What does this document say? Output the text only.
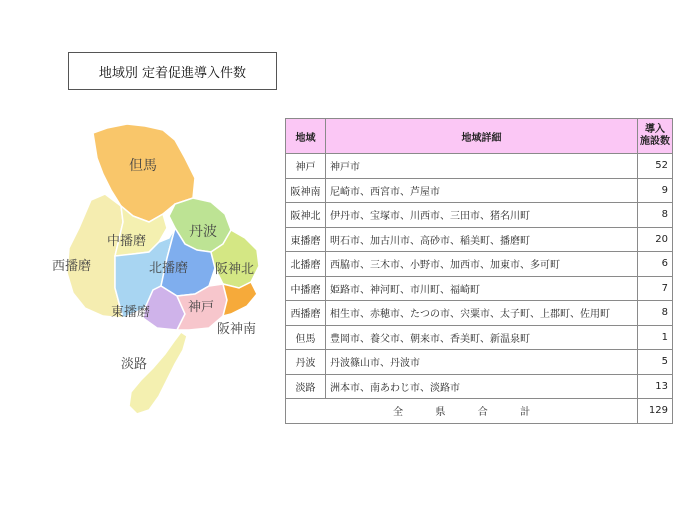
地域別 定着促進導入件数
但馬
丹波
中播磨
西播磨	北播磨 阪神北
東播磨	神戸
阪神南
淡路
地域	地域詳細	導入
施設数
神戸	神戸市	52
阪神南	尼崎市、西宮市、芦屋市	9
阪神北	伊丹市、宝塚市、川西市、三田市、猪名川町	8
東播磨	明石市、加古川市、高砂市、稲美町、播磨町	20
北播磨	西脇市、三木市、小野市、加西市、加東市、多可町	6
中播磨	姫路市、神河町、市川町、福崎町	7
西播磨	相生市、赤穂市、たつの市、宍粟市、太子町、上郡町、佐用町	8
但馬	豊岡市、養父市、朝来市、香美町、新温泉町	1
丹波	丹波篠山市、丹波市	5
淡路	洲本市、南あわじ市、淡路市	13
全 県 合 計		129
